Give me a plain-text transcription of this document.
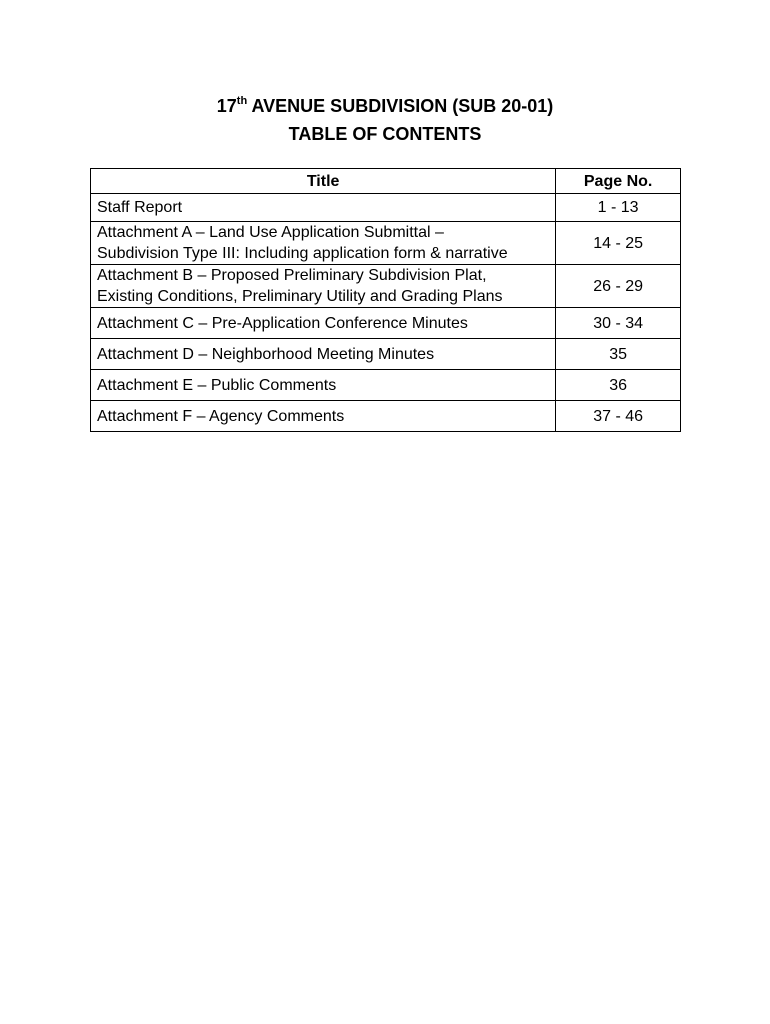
17th AVENUE SUBDIVISION (SUB 20-01)
TABLE OF CONTENTS
Title	Page No.
Staff Report	1 - 13

Attachment A – Land Use Application Submittal –
Subdivision Type III: Including application form & narrative	14 - 25

Attachment B – Proposed Preliminary Subdivision Plat,
Existing Conditions, Preliminary Utility and Grading Plans	26 - 29
Attachment C – Pre-Application Conference Minutes	30 - 34
Attachment D – Neighborhood Meeting Minutes	35
Attachment E – Public Comments	36
Attachment F – Agency Comments	37 - 46
